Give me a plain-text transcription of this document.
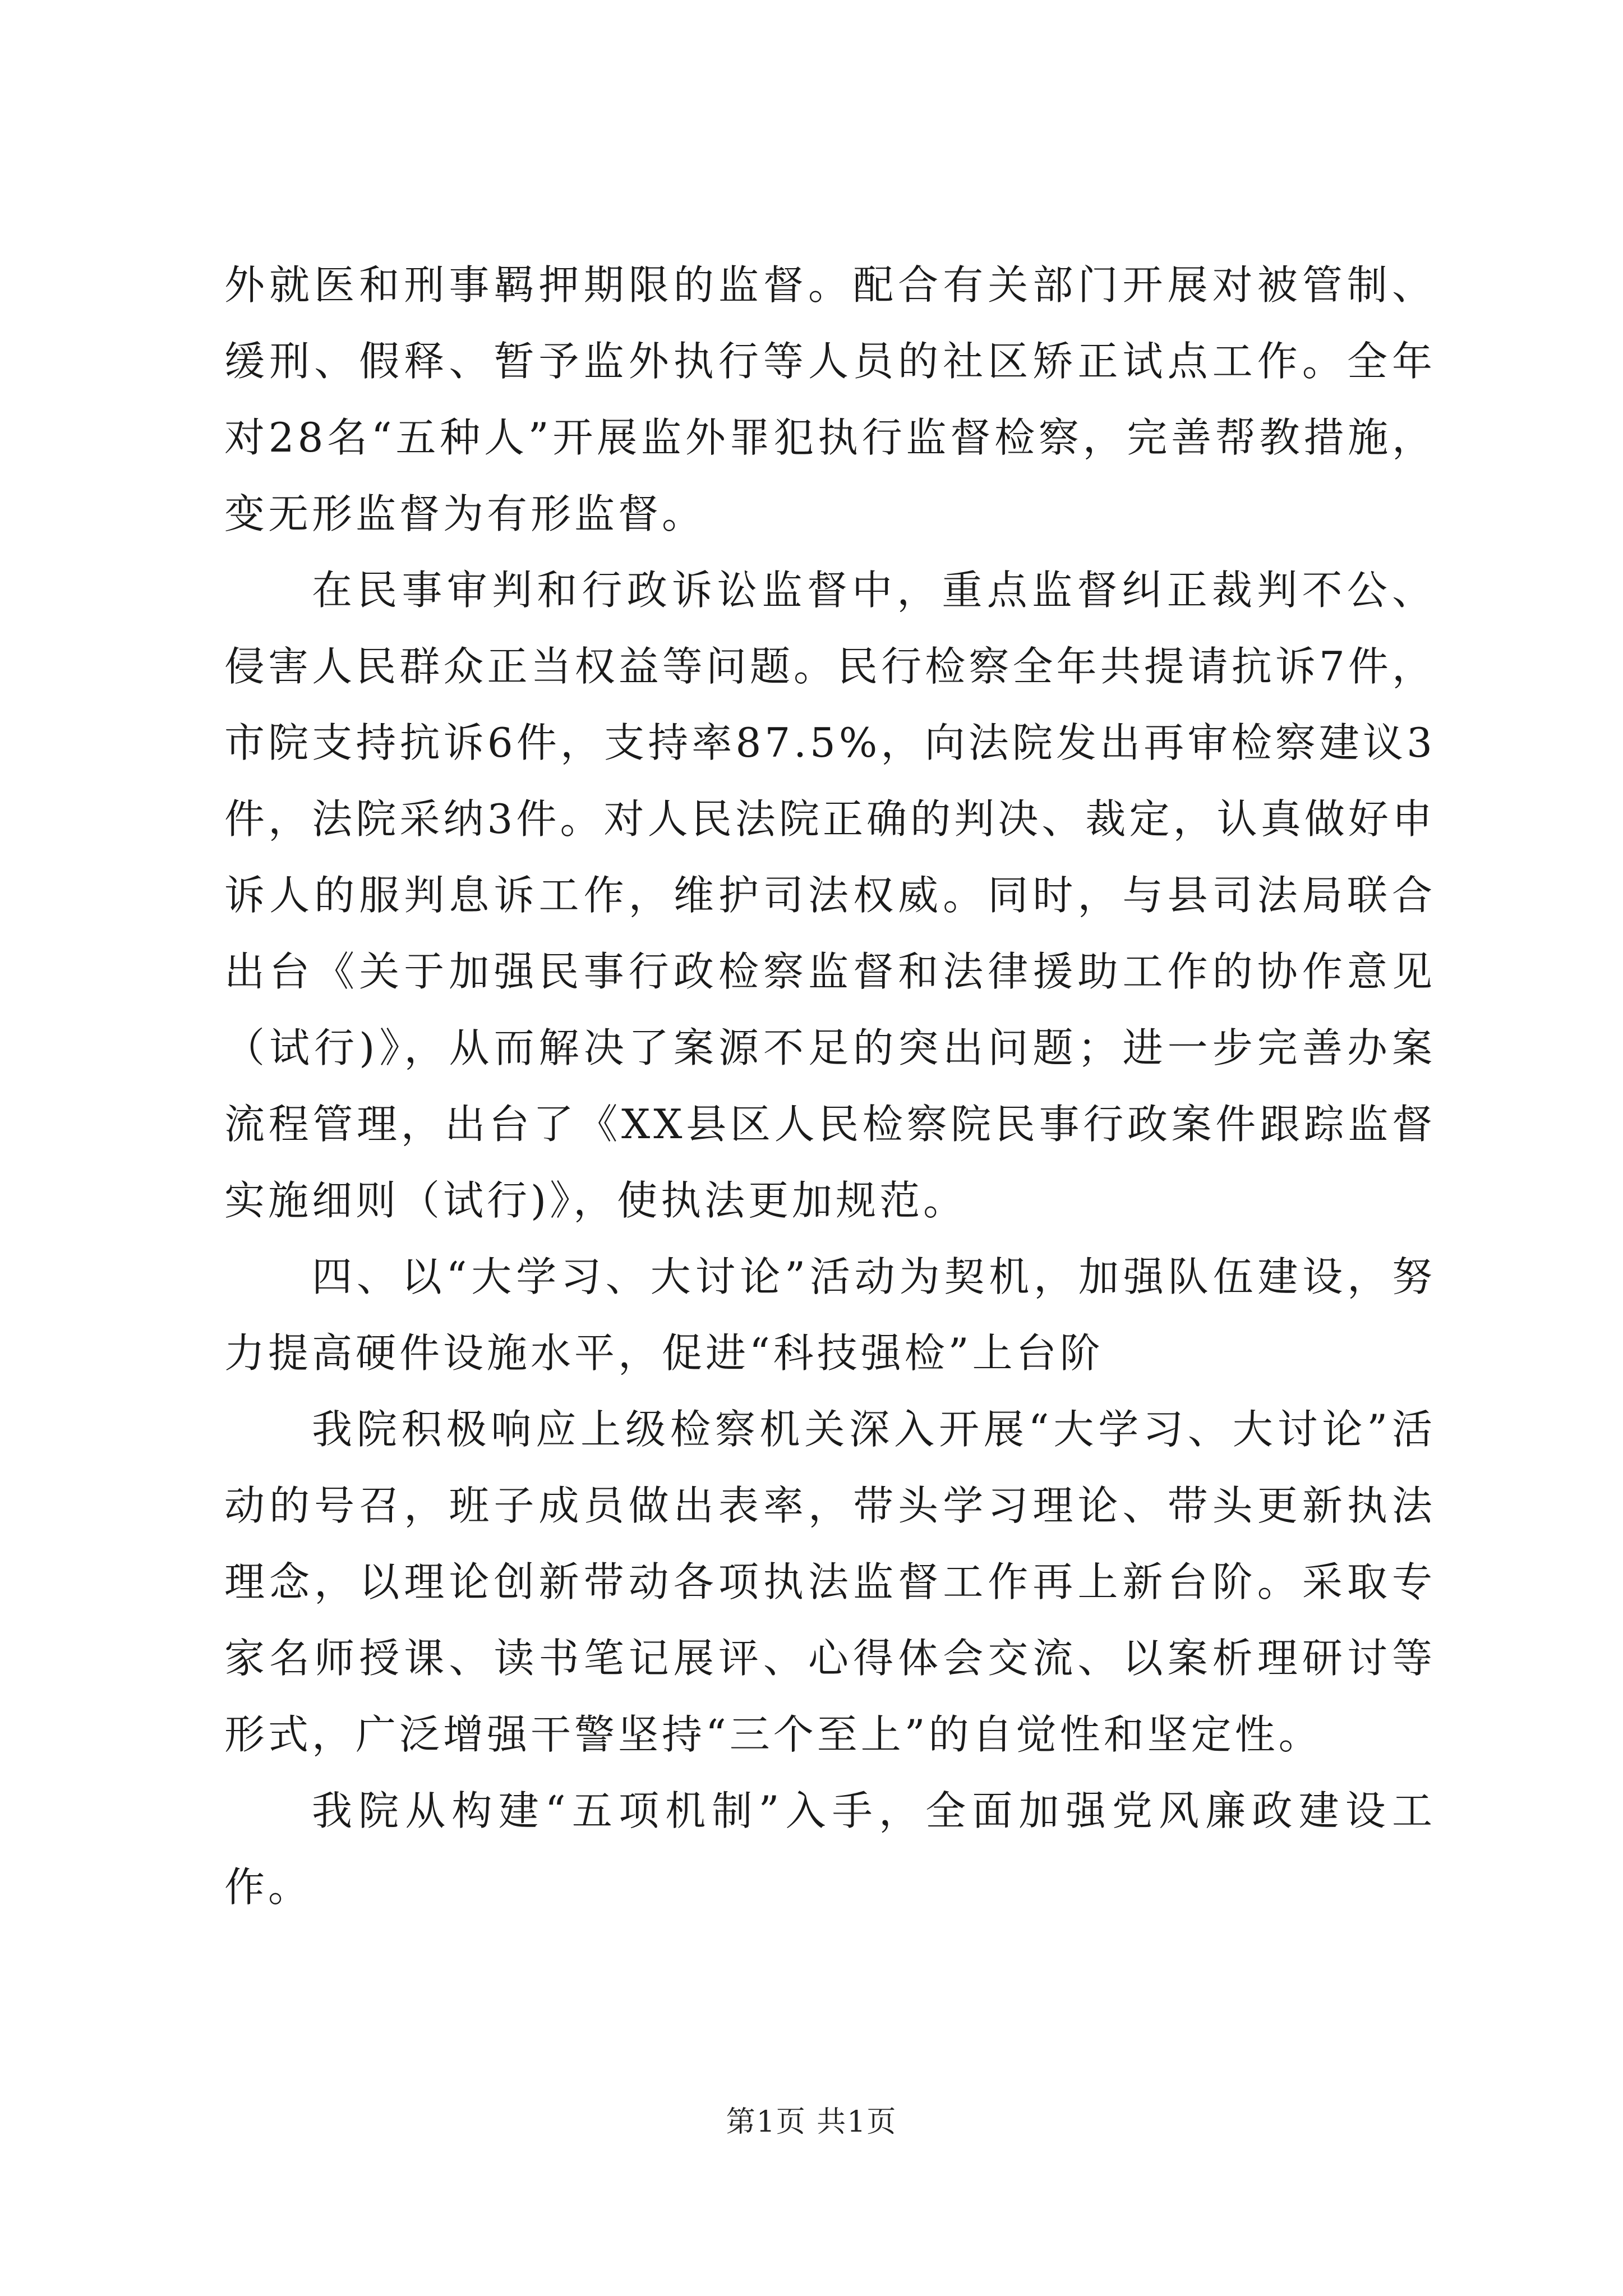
外就医和刑事羁押期限的监督。配合有关部门开展对被管制、缓刑、假释、暂予监外执行等人员的社区矫正试点工作。全年对28名“五种人”开展监外罪犯执行监督检察，完善帮教措施，变无形监督为有形监督。

在民事审判和行政诉讼监督中，重点监督纠正裁判不公、侵害人民群众正当权益等问题。民行检察全年共提请抗诉7件，市院支持抗诉6件，支持率87.5%，向法院发出再审检察建议3件，法院采纳3件。对人民法院正确的判决、裁定，认真做好申诉人的服判息诉工作，维护司法权威。同时，与县司法局联合出台《关于加强民事行政检察监督和法律援助工作的协作意见（试行)》，从而解决了案源不足的突出问题；进一步完善办案流程管理，出台了《XX县区人民检察院民事行政案件跟踪监督实施细则（试行)》，使执法更加规范。

四、以“大学习、大讨论”活动为契机，加强队伍建设，努力提高硬件设施水平，促进“科技强检”上台阶

我院积极响应上级检察机关深入开展“大学习、大讨论”活动的号召，班子成员做出表率，带头学习理论、带头更新执法理念，以理论创新带动各项执法监督工作再上新台阶。采取专家名师授课、读书笔记展评、心得体会交流、以案析理研讨等形式，广泛增强干警坚持“三个至上”的自觉性和坚定性。

我院从构建“五项机制”入手，全面加强党风廉政建设工作。

第1页 共1页
